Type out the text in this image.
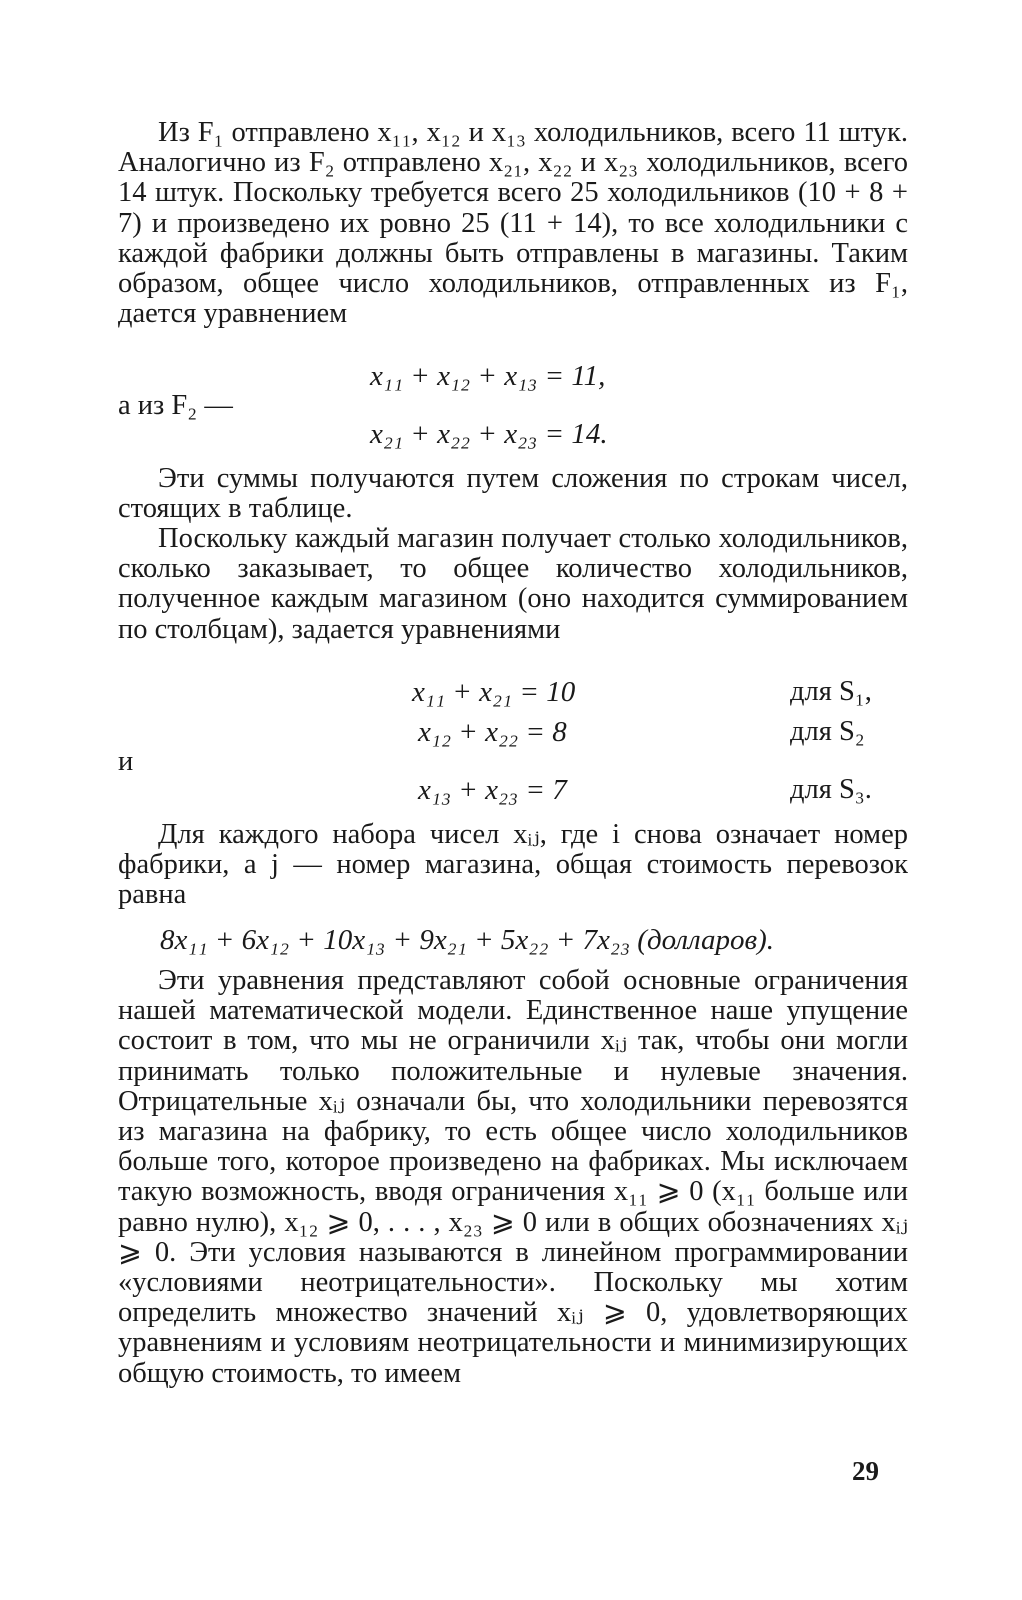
Из F₁ отправлено x₁₁, x₁₂ и x₁₃ холодильников, всего 11 штук. Аналогично из F₂ отправлено x₂₁, x₂₂ и x₂₃ холодильников, всего 14 штук. Поскольку требуется всего 25 холодильников (10 + 8 + 7) и произведено их ровно 25 (11 + 14), то все холодильники с каждой фабрики должны быть отправлены в магазины. Таким образом, общее число холодильников, отправленных из F₁, дается уравнением

x₁₁ + x₁₂ + x₁₃ = 11,
а из F₂ —
x₂₁ + x₂₂ + x₂₃ = 14.

Эти суммы получаются путем сложения по строкам чисел, стоящих в таблице.

Поскольку каждый магазин получает столько холодильников, сколько заказывает, то общее количество холодильников, полученное каждым магазином (оно находится суммированием по столбцам), задается уравнениями

x₁₁ + x₂₁ = 10	для S₁,
x₁₂ + x₂₂ = 8	для S₂
и
x₁₃ + x₂₃ = 7	для S₃.

Для каждого набора чисел xᵢⱼ, где i снова означает номер фабрики, а j — номер магазина, общая стоимость перевозок равна

8x₁₁ + 6x₁₂ + 10x₁₃ + 9x₂₁ + 5x₂₂ + 7x₂₃ (долларов).

Эти уравнения представляют собой основные ограничения нашей математической модели. Единственное наше упущение состоит в том, что мы не ограничили xᵢⱼ так, чтобы они могли принимать только положительные и нулевые значения. Отрицательные xᵢⱼ означали бы, что холодильники перевозятся из магазина на фабрику, то есть общее число холодильников больше того, которое произведено на фабриках. Мы исключаем такую возможность, вводя ограничения x₁₁ ⩾ 0 (x₁₁ больше или равно нулю), x₁₂ ⩾ 0, . . . , x₂₃ ⩾ 0 или в общих обозначениях xᵢⱼ ⩾ 0. Эти условия называются в линейном программировании «условиями неотрицательности». Поскольку мы хотим определить множество значений xᵢⱼ ⩾ 0, удовлетворяющих уравнениям и условиям неотрицательности и минимизирующих общую стоимость, то имеем

29
